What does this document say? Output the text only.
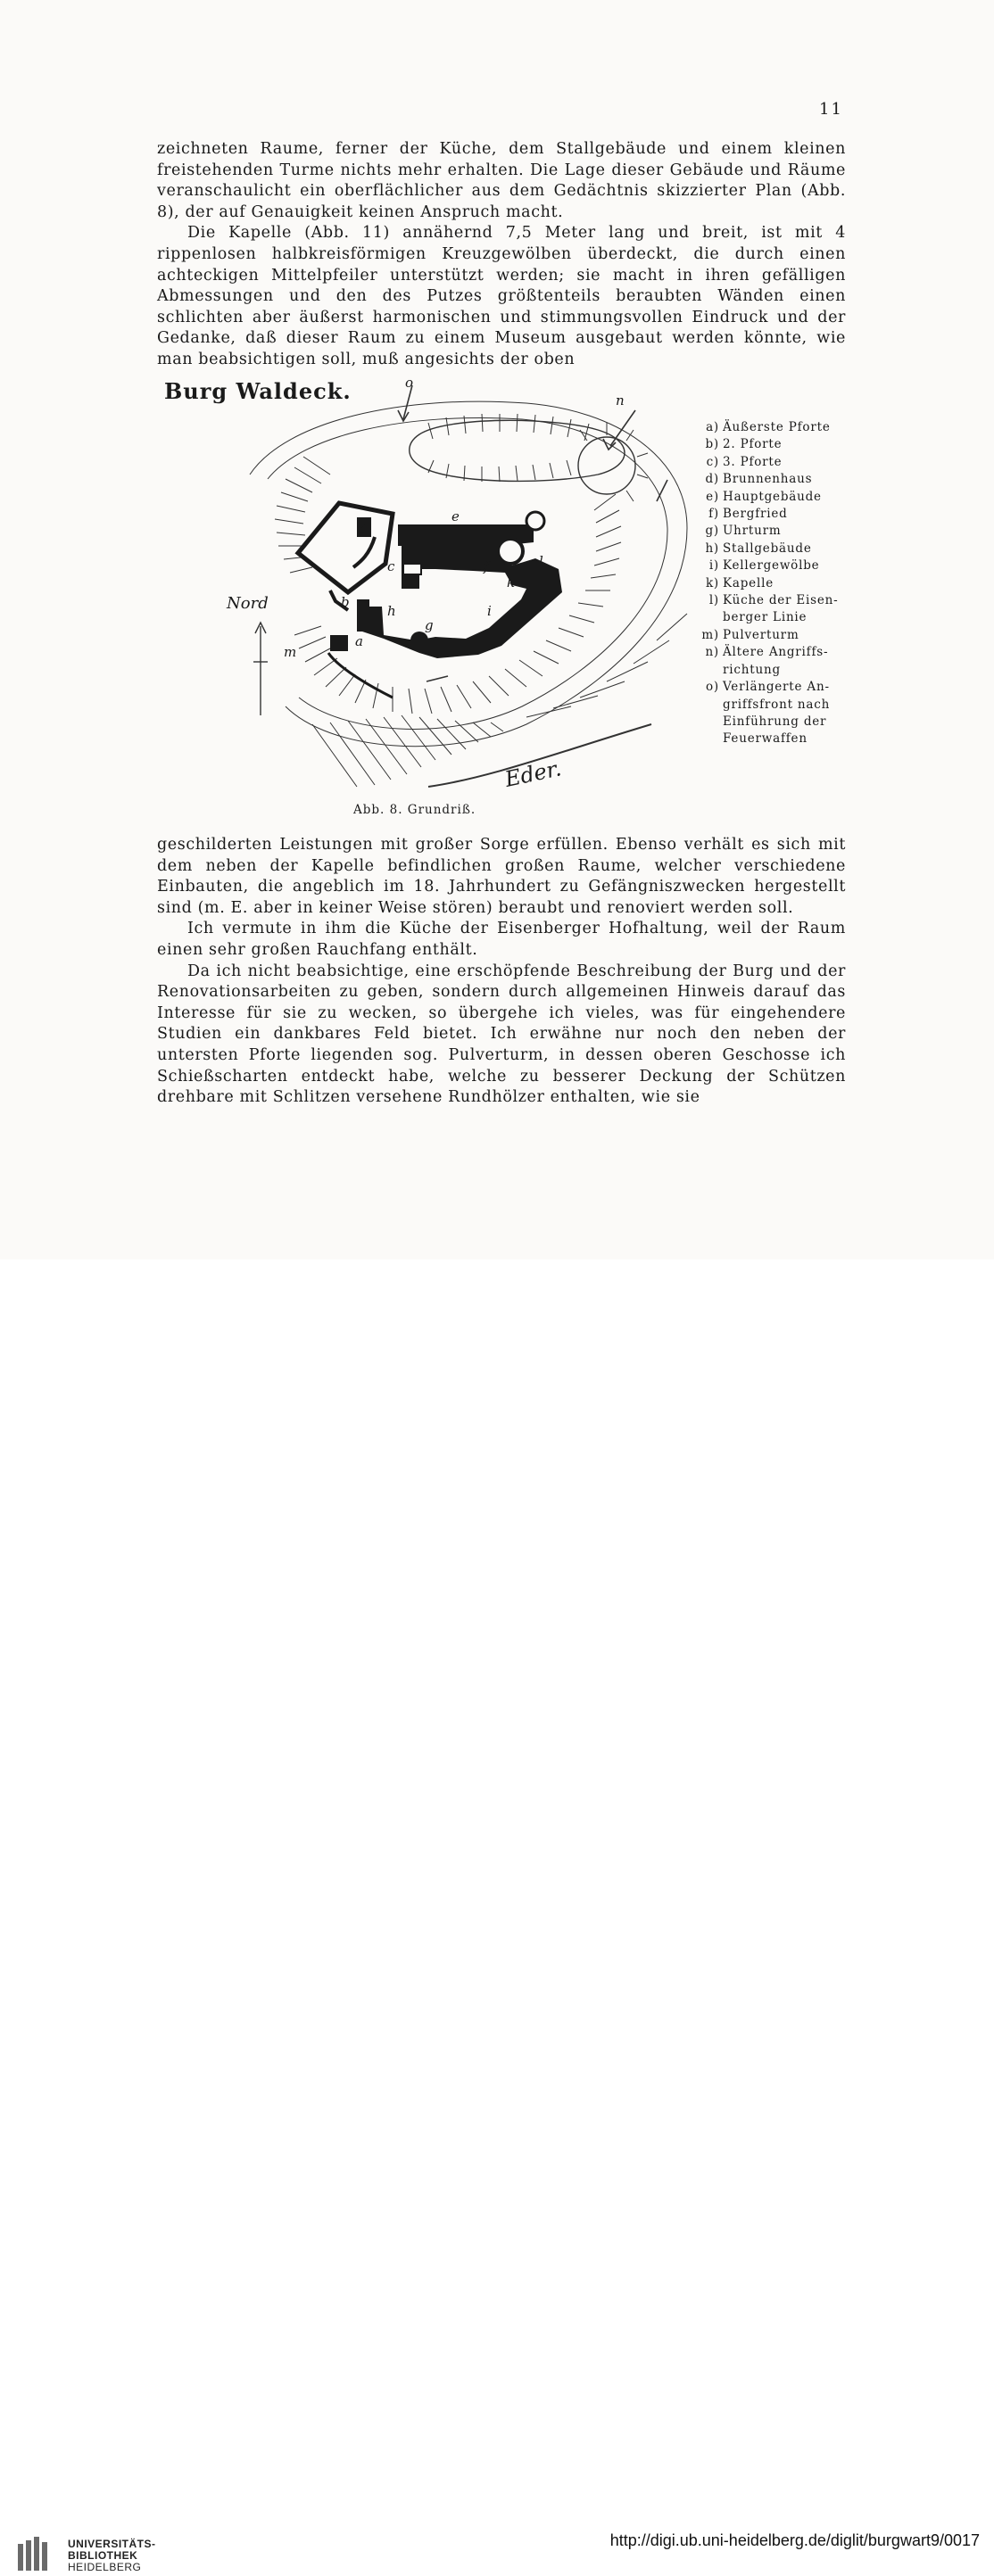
11

zeichneten Raume, ferner der Küche, dem Stallgebäude und einem kleinen freistehenden Turme nichts mehr erhalten. Die Lage dieser Gebäude und Räume veranschaulicht ein oberflächlicher aus dem Gedächtnis skizzierter Plan (Abb. 8), der auf Genauigkeit keinen Anspruch macht.

Die Kapelle (Abb. 11) annähernd 7,5 Meter lang und breit, ist mit 4 rippenlosen halbkreisförmigen Kreuzgewölben überdeckt, die durch einen achteckigen Mittelpfeiler unterstützt werden; sie macht in ihren gefälligen Abmessungen und den des Putzes größtenteils beraubten Wänden einen schlichten aber äußerst harmonischen und stimmungsvollen Eindruck und der Gedanke, daß dieser Raum zu einem Museum ausgebaut werden könnte, wie man beabsichtigen soll, muß angesichts der oben

Burg Waldeck.	o
n
m
a
b
c
d
e
f
g
h	i
k
l
Nord
Eder.
a) Äußerste Pforte
b) 2. Pforte
c) 3. Pforte
d) Brunnenhaus
e) Hauptgebäude
f) Bergfried
g) Uhrturm
h) Stallgebäude
i) Kellergewölbe
k) Kapelle
l) Küche der Eisen-
berger Linie
m) Pulverturm
n) Ältere Angriffs-
richtung
o) Verlängerte An-
griffsfront nach
Einführung der
Feuerwaffen
Abb. 8. Grundriß.

geschilderten Leistungen mit großer Sorge erfüllen. Ebenso verhält es sich mit dem neben der Kapelle befindlichen großen Raume, welcher verschiedene Einbauten, die angeblich im 18. Jahrhundert zu Gefängniszwecken hergestellt sind (m. E. aber in keiner Weise stören) beraubt und renoviert werden soll.

Ich vermute in ihm die Küche der Eisenberger Hofhaltung, weil der Raum einen sehr großen Rauchfang enthält.

Da ich nicht beabsichtige, eine erschöpfende Beschreibung der Burg und der Renovationsarbeiten zu geben, sondern durch allgemeinen Hinweis darauf das Interesse für sie zu wecken, so übergehe ich vieles, was für eingehendere Studien ein dankbares Feld bietet. Ich erwähne nur noch den neben der untersten Pforte liegenden sog. Pulverturm, in dessen oberen Geschosse ich Schießscharten entdeckt habe, welche zu besserer Deckung der Schützen drehbare mit Schlitzen versehene Rundhölzer enthalten, wie sie

UNIVERSITÄTS-
BIBLIOTHEK
HEIDELBERG
http://digi.ub.uni-heidelberg.de/diglit/burgwart9/0017
